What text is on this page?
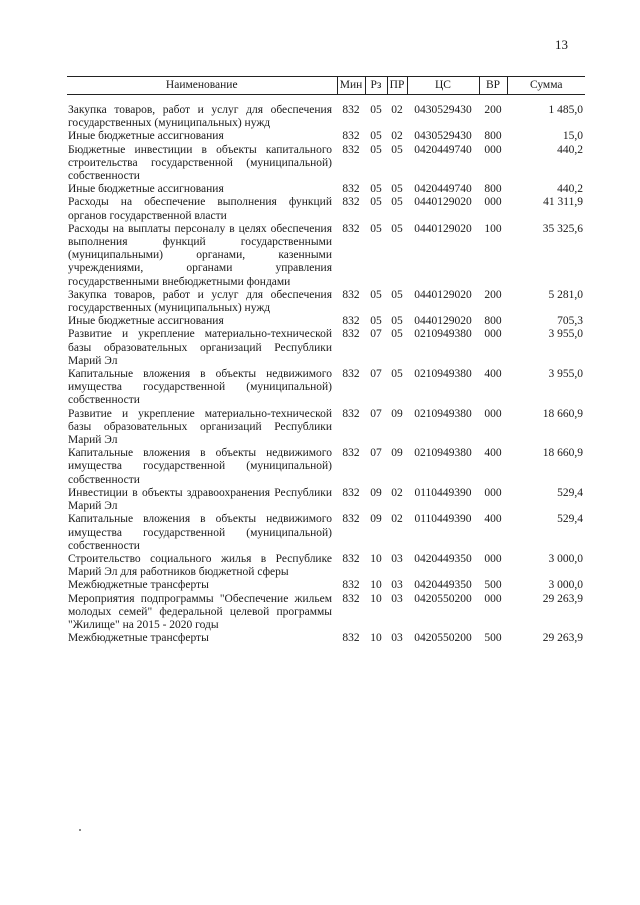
13
Наименование	Мин	Рз	ПР	ЦС	ВР	Сумма
Закупка товаров, работ и услуг для обеспечения государственных (муниципальных) нужд	832	05	02	0430529430	200	1 485,0
Иные бюджетные ассигнования	832	05	02	0430529430	800	15,0
Бюджетные инвестиции в объекты капитального строительства государственной (муниципальной) собственности	832	05	05	0420449740	000	440,2
Иные бюджетные ассигнования	832	05	05	0420449740	800	440,2
Расходы на обеспечение выполнения функций органов государственной власти	832	05	05	0440129020	000	41 311,9
Расходы на выплаты персоналу в целях обеспечения выполнения функций государственными (муниципальными) органами, казенными учреждениями, органами управления государственными внебюджетными фондами	832	05	05	0440129020	100	35 325,6
Закупка товаров, работ и услуг для обеспечения государственных (муниципальных) нужд	832	05	05	0440129020	200	5 281,0
Иные бюджетные ассигнования	832	05	05	0440129020	800	705,3
Развитие и укрепление материально-технической базы образовательных организаций Республики Марий Эл	832	07	05	0210949380	000	3 955,0
Капитальные вложения в объекты недвижимого имущества государственной (муниципальной) собственности	832	07	05	0210949380	400	3 955,0
Развитие и укрепление материально-технической базы образовательных организаций Республики Марий Эл	832	07	09	0210949380	000	18 660,9
Капитальные вложения в объекты недвижимого имущества государственной (муниципальной) собственности	832	07	09	0210949380	400	18 660,9
Инвестиции в объекты здравоохранения Республики Марий Эл	832	09	02	0110449390	000	529,4
Капитальные вложения в объекты недвижимого имущества государственной (муниципальной) собственности	832	09	02	0110449390	400	529,4
Строительство социального жилья в Республике Марий Эл для работников бюджетной сферы	832	10	03	0420449350	000	3 000,0
Межбюджетные трансферты	832	10	03	0420449350	500	3 000,0
Мероприятия подпрограммы "Обеспечение жильем молодых семей" федеральной целевой программы "Жилище" на 2015 - 2020 годы	832	10	03	0420550200	000	29 263,9
Межбюджетные трансферты	832	10	03	0420550200	500	29 263,9
